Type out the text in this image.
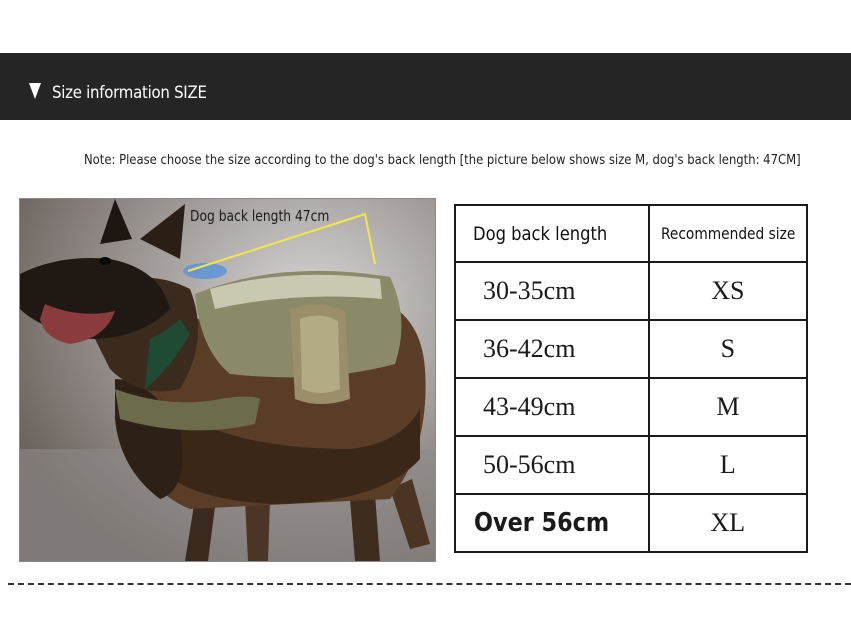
Size information SIZE
Note: Please choose the size according to the dog's back length [the picture below shows size M, dog's back length: 47CM]
Dog back length 47cm
Dog back length	Recommended size
30-35cm	XS
36-42cm	S
43-49cm	M
50-56cm	L
Over 56cm	XL
